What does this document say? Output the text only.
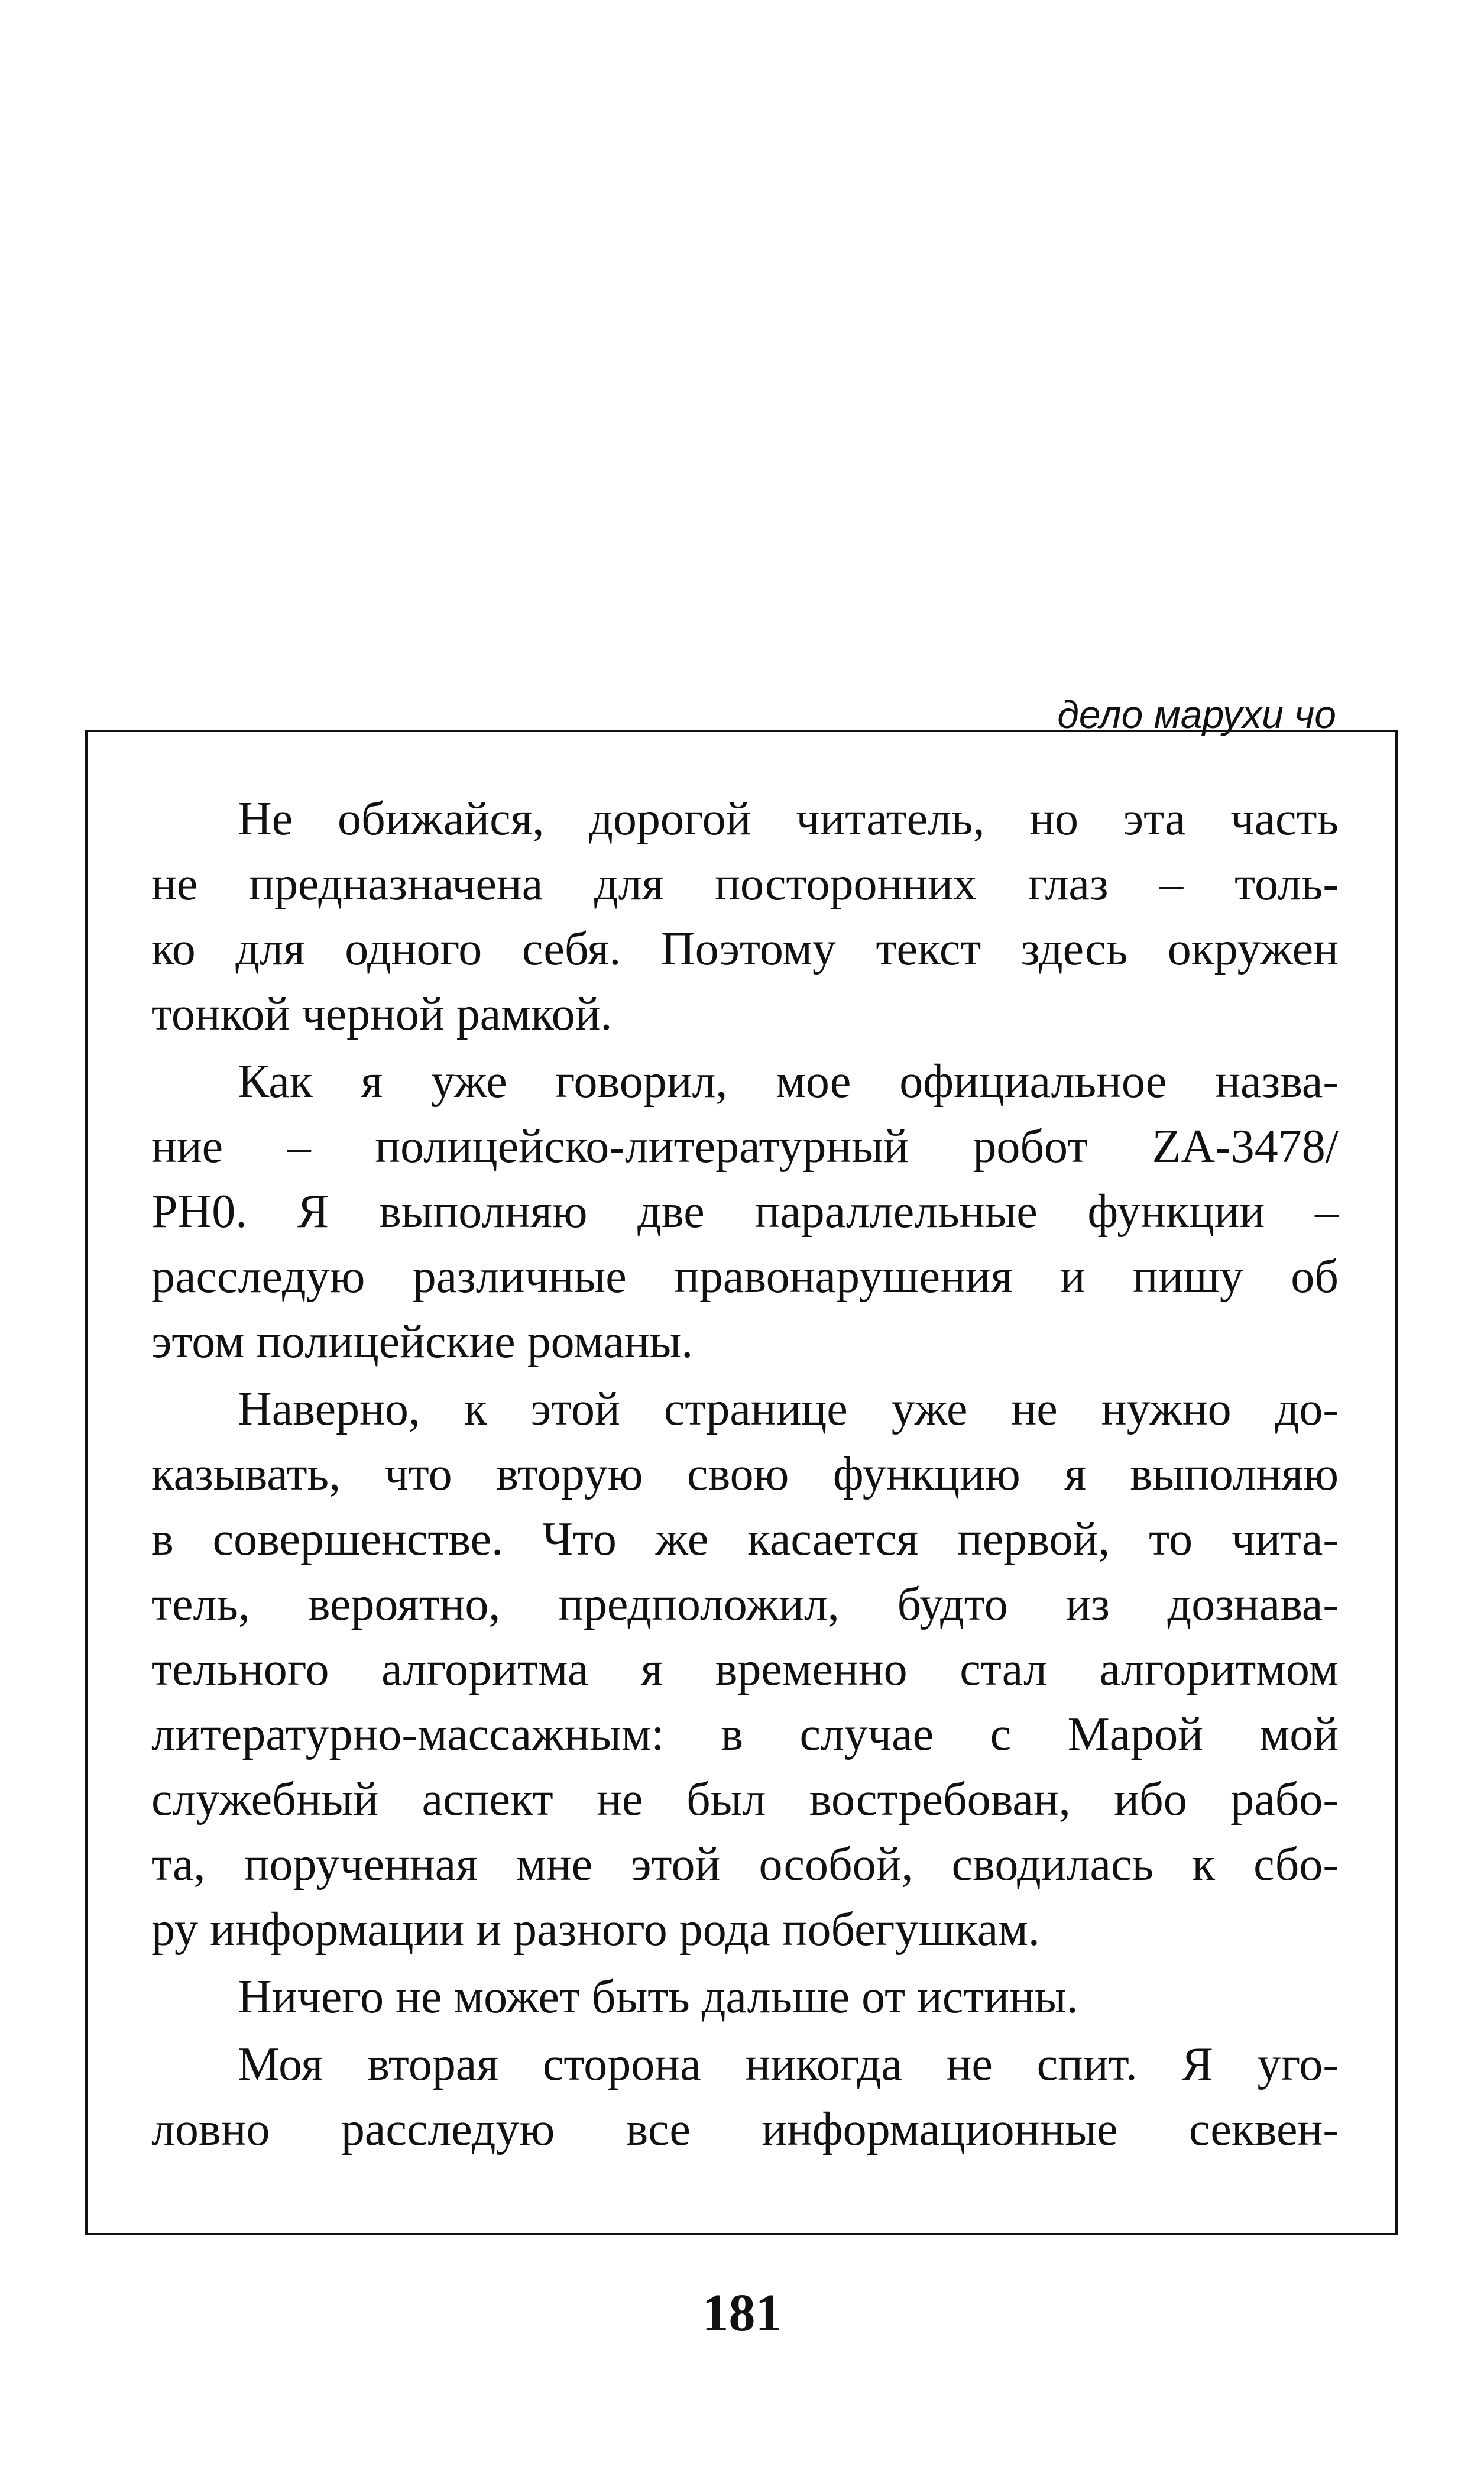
дело марухи чо
Не обижайся, дорогой читатель, но эта часть
не предназначена для посторонних глаз – толь-
ко для одного себя. Поэтому текст здесь окружен
тонкой черной рамкой.
Как я уже говорил, мое официальное назва-
ние – полицейско-литературный робот ZA-3478/
PH0. Я выполняю две параллельные функции –
расследую различные правонарушения и пишу об
этом полицейские романы.
Наверно, к этой странице уже не нужно до-
казывать, что вторую свою функцию я выполняю
в совершенстве. Что же касается первой, то чита-
тель, вероятно, предположил, будто из дознава-
тельного алгоритма я временно стал алгоритмом
литературно-массажным: в случае с Марой мой
служебный аспект не был востребован, ибо рабо-
та, порученная мне этой особой, сводилась к сбо-
ру информации и разного рода побегушкам.
Ничего не может быть дальше от истины.
Моя вторая сторона никогда не спит. Я уго-
ловно расследую все информационные секвен-
181
